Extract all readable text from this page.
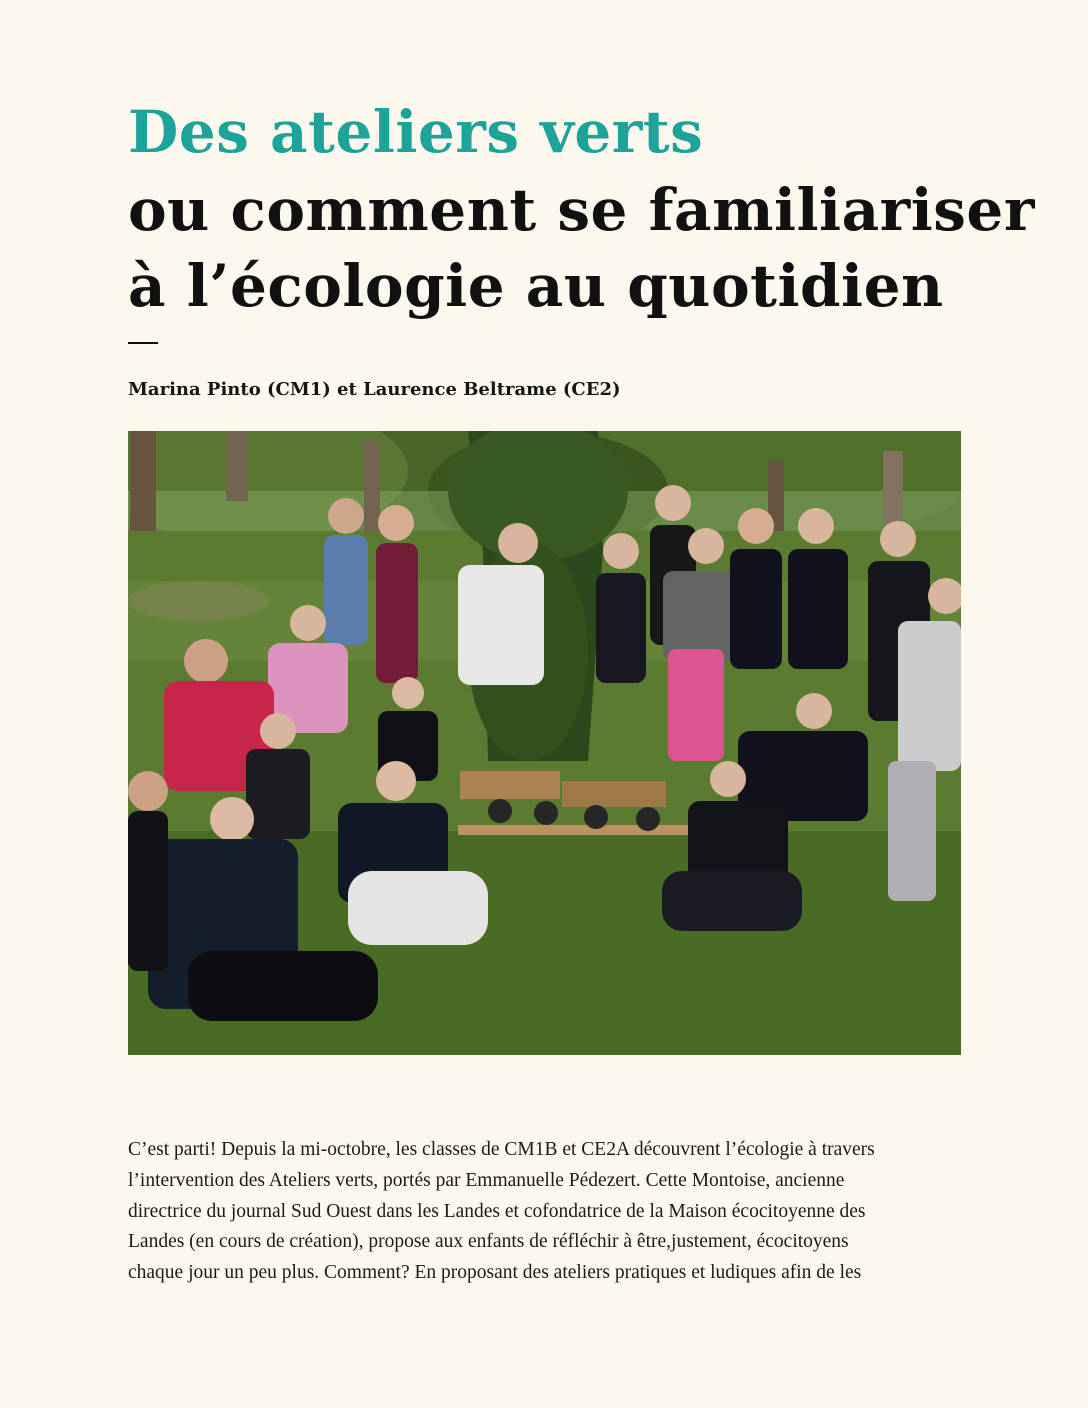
Des ateliers verts
ou comment se familiariser
à l’écologie au quotidien
Marina Pinto (CM1) et Laurence Beltrame (CE2)
C’est parti! Depuis la mi-octobre, les classes de CM1B et CE2A découvrent l’écologie à travers
l’intervention des Ateliers verts, portés par Emmanuelle Pédezert. Cette Montoise, ancienne
directrice du journal Sud Ouest dans les Landes et cofondatrice de la Maison écocitoyenne des
Landes (en cours de création), propose aux enfants de réfléchir à être,justement, écocitoyens
chaque jour un peu plus. Comment? En proposant des ateliers pratiques et ludiques afin de les
